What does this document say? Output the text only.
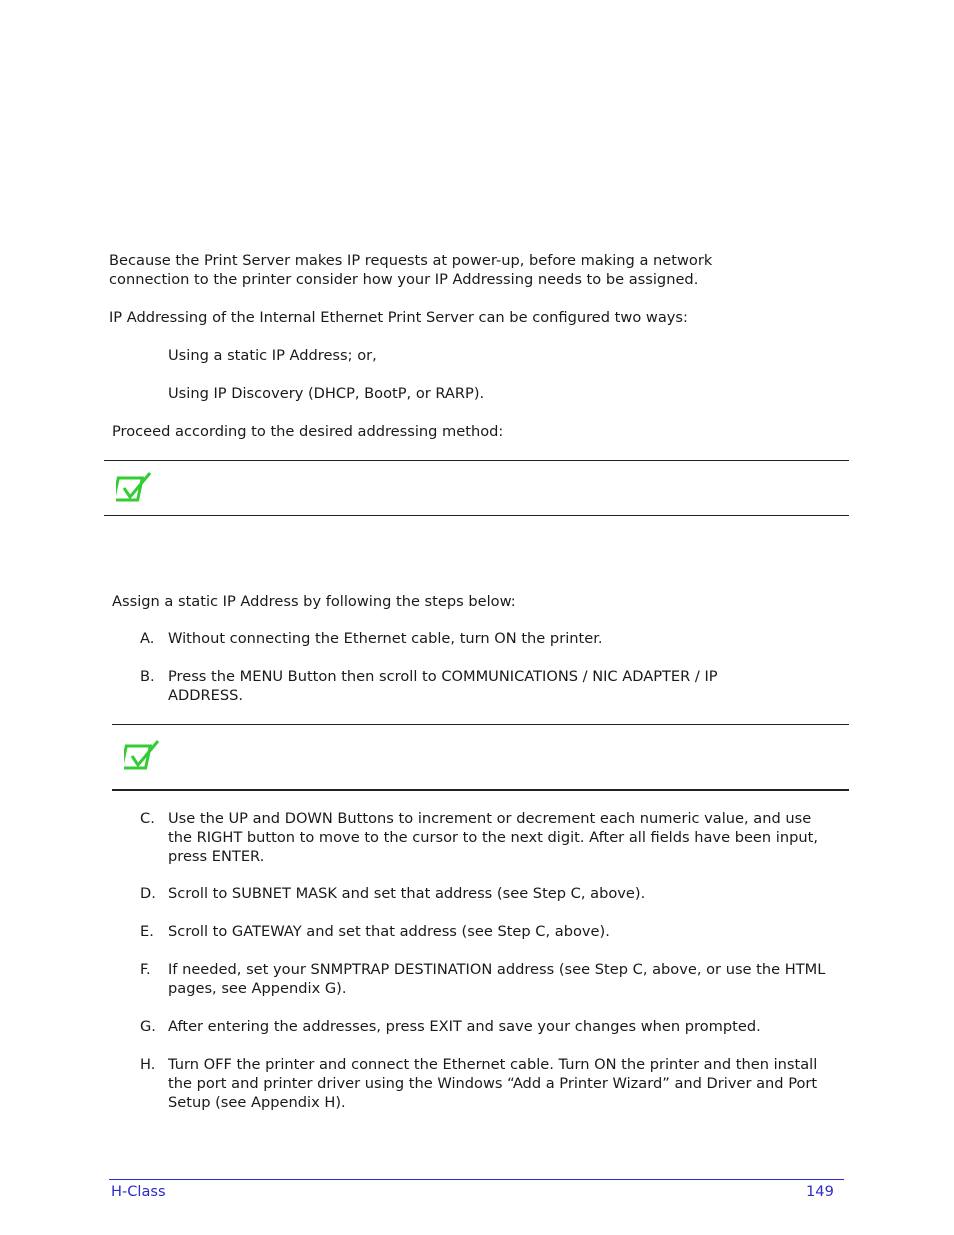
Because the Print Server makes IP requests at power-up, before making a network connection to the printer consider how your IP Addressing needs to be assigned.

IP Addressing of the Internal Ethernet Print Server can be configured two ways:

Using a static IP Address; or,

Using IP Discovery (DHCP, BootP, or RARP).

Proceed according to the desired addressing method:

Assign a static IP Address by following the steps below:

A. Without connecting the Ethernet cable, turn ON the printer.
B. Press the MENU Button then scroll to COMMUNICATIONS / NIC ADAPTER / IP ADDRESS.
C. Use the UP and DOWN Buttons to increment or decrement each numeric value, and use the RIGHT button to move to the cursor to the next digit. After all fields have been input, press ENTER.
D. Scroll to SUBNET MASK and set that address (see Step C, above).
E. Scroll to GATEWAY and set that address (see Step C, above).
F.	If needed, set your SNMPTRAP DESTINATION address (see Step C, above, or use the HTML pages, see Appendix G).
G. After entering the addresses, press EXIT and save your changes when prompted.
H. Turn OFF the printer and connect the Ethernet cable. Turn ON the printer and then install the port and printer driver using the Windows “Add a Printer Wizard” and Driver and Port Setup (see Appendix H).
H-Class	149
